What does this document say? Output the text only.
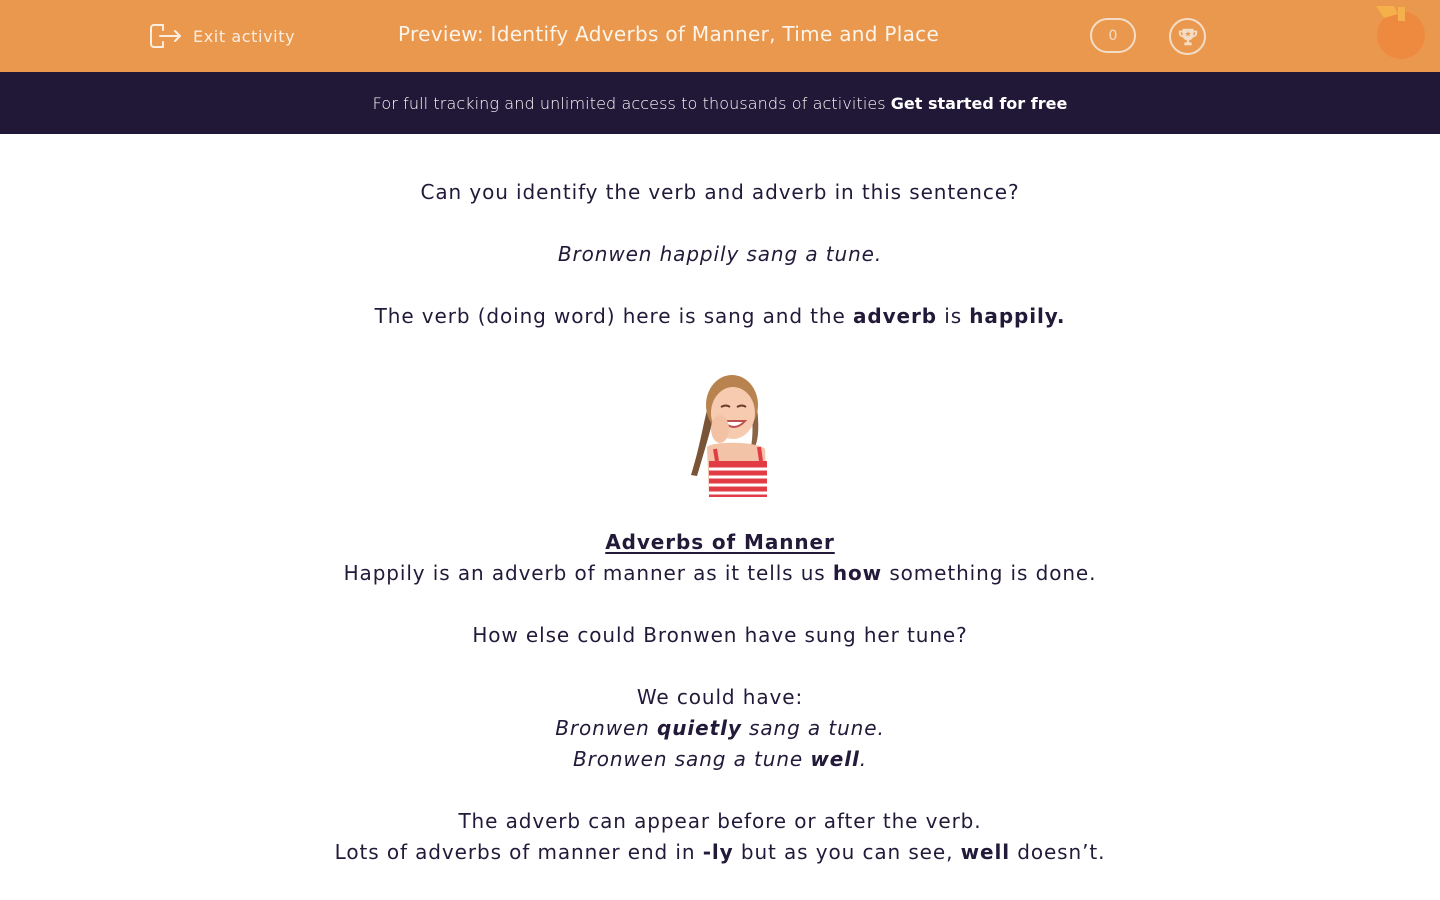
Exit activity	Preview: Identify Adverbs of Manner, Time and Place	0
For full tracking and unlimited access to thousands of activities Get started for free
Can you identify the verb and adverb in this sentence?
Bronwen happily sang a tune.
The verb (doing word) here is sang and the adverb is happily.
Adverbs of Manner
Happily is an adverb of manner as it tells us how something is done.
How else could Bronwen have sung her tune?
We could have:
Bronwen quietly sang a tune.
Bronwen sang a tune well.
The adverb can appear before or after the verb.
Lots of adverbs of manner end in -ly but as you can see, well doesn’t.
